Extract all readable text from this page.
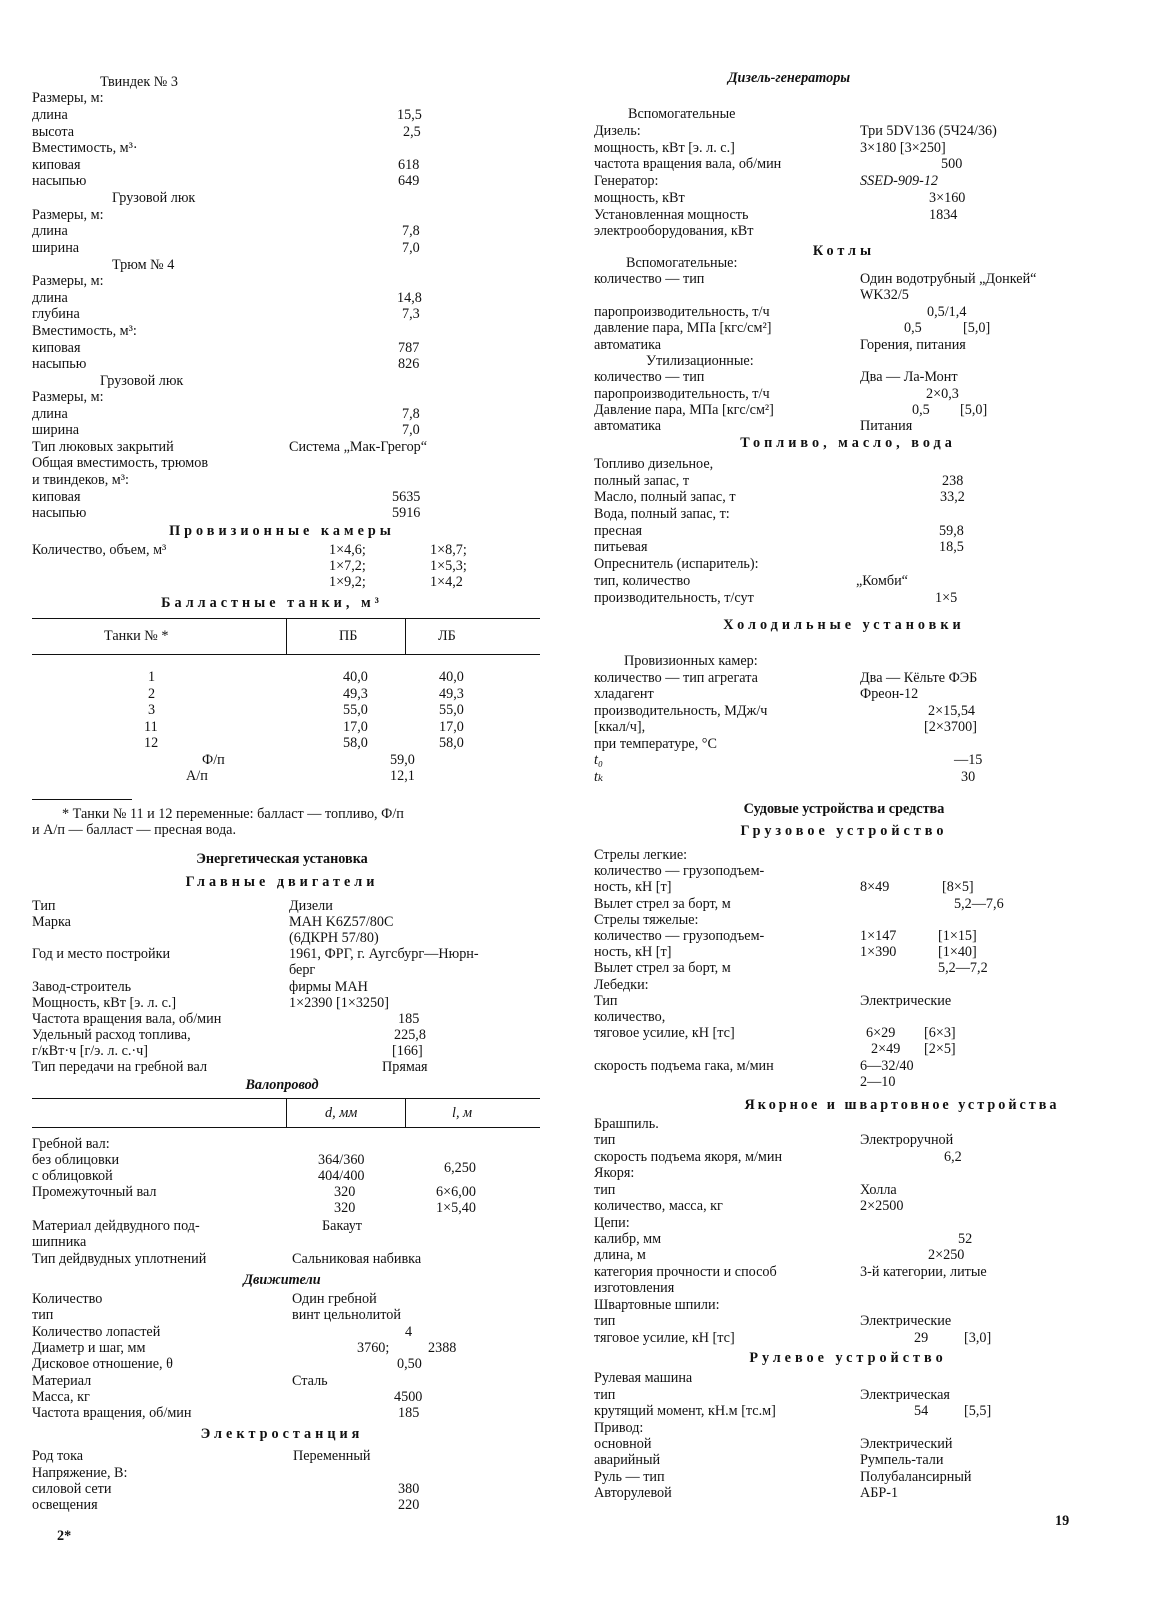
Дизель-генераторы
2*
19
Твиндек № 3
Размеры, м:
длина	15,5
высота	2,5
Вместимость, м³·
киповая	618
насыпью	649
Грузовой люк
Размеры, м:
длина	7,8
ширина	7,0
Трюм № 4
Размеры, м:
длина	14,8
глубина	7,3
Вместимость, м³:
киповая	787
насыпью	826
Грузовой люк
Размеры, м:
длина	7,8
ширина	7,0
Тип люковых закрытий	Система „Мак-Грегор“
Общая вместимость, трюмов
и твиндеков, м³:
киповая	5635
насыпью	5916
Провизионные камеры
Количество, объем, м³	1×4,6;	1×8,7;
1×7,2;	1×5,3;
1×9,2;	1×4,2
Балластные танки, м³
Танки № *	ПБ	ЛБ
1	40,0	40,0
2	49,3	49,3
3	55,0	55,0
11	17,0	17,0
12	58,0	58,0
Ф/п	59,0
А/п	12,1
* Танки № 11 и 12 переменные: балласт — топливо, Ф/п
и А/п — балласт — пресная вода.
Энергетическая установка
Главные двигатели
Тип	Дизели
Марка	МАН K6Z57/80C
(6ДКРН 57/80)
Год и место постройки	1961, ФРГ, г. Аугсбург—Нюрн-
берг
Завод-строитель	фирмы МАН
Мощность, кВт [э. л. с.]	1×2390 [1×3250]
Частота вращения вала, об/мин	185
Удельный расход топлива,	225,8
г/кВт·ч [г/э. л. с.·ч]	[166]
Тип передачи на гребной вал	Прямая
Валопровод
d, мм	l, м
Гребной вал:
без облицовки	364/360	6,250
с облицовкой	404/400
Промежуточный вал	320	6×6,00
320	1×5,40
Материал дейдвудного под-	Бакаут
шипника
Тип дейдвудных уплотнений	Сальниковая набивка
Движители
Количество	Один гребной
тип	винт цельнолитой
Количество лопастей	4
Диаметр и шаг, мм	3760;	2388
Дисковое отношение, θ	0,50
Материал	Сталь
Масса, кг	4500
Частота вращения, об/мин	185
Электростанция
Род тока	Переменный
Напряжение, В:
силовой сети	380
освещения	220
Вспомогательные
Дизель:	Три 5DV136 (5Ч24/36)
мощность, кВт [э. л. с.]	3×180 [3×250]
частота вращения вала, об/мин	500
Генератор:	SSED-909-12
мощность, кВт	3×160
Установленная мощность	1834
электрооборудования, кВт
Котлы
Вспомогательные:
количество — тип	Один водотрубный „Донкей“
WK32/5
паропроизводительность, т/ч	0,5/1,4
давление пара, МПа [кгс/см²]	0,5	[5,0]
автоматика	Горения, питания
Утилизационные:
количество — тип	Два — Ла-Монт
паропроизводительность, т/ч	2×0,3
Давление пара, МПа [кгс/см²]	0,5 [5,0]
автоматика	Питания
Топливо, масло, вода
Топливо дизельное,
полный запас, т	238
Масло, полный запас, т	33,2
Вода, полный запас, т:
пресная	59,8
питьевая	18,5
Опреснитель (испаритель):
тип, количество	„Комби“
производительность, т/сут	1×5
Холодильные установки
Провизионных камер:
количество — тип агрегата	Два — Кёльте ФЭБ
хладагент	Фреон-12
производительность, МДж/ч	2×15,54
[ккал/ч],	[2×3700]
при температуре, °С
t₀	—15
tₖ	30
Судовые устройства и средства
Грузовое устройство
Стрелы легкие:
количество — грузоподъем-
ность, кН [т]	8×49	[8×5]
Вылет стрел за борт, м	5,2—7,6
Стрелы тяжелые:
количество — грузоподъем-	1×147	[1×15]
ность, кН [т]	1×390	[1×40]
Вылет стрел за борт, м	5,2—7,2
Лебедки:
Тип	Электрические
количество,
тяговое усилие, кН [тс]	6×29 [6×3]
2×49 [2×5]
скорость подъема гака, м/мин	6—32/40
2—10
Якорное и швартовное устройства
Брашпиль.
тип	Электроручной
скорость подъема якоря, м/мин	6,2
Якоря:
тип	Холла
количество, масса, кг	2×2500
Цепи:
калибр, мм	52
длина, м	2×250
категория прочности и способ	3-й категории, литые
изготовления
Швартовные шпили:
тип	Электрические
тяговое усилие, кН [тс]	29	[3,0]
Рулевое устройство
Рулевая машина
тип	Электрическая
крутящий момент, кН.м [тс.м]	54	[5,5]
Привод:
основной	Электрический
аварийный	Румпель-тали
Руль — тип	Полубалансирный
Авторулевой	АБР-1
